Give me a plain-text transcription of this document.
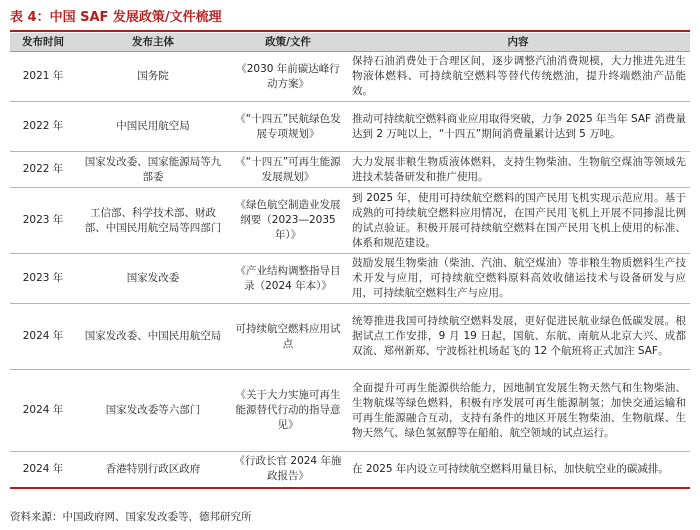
表 4：中国 SAF 发展政策/文件梳理
发布时间	发布主体	政策/文件	内容
2021 年	国务院	《2030 年前碳达峰行动方案》	保持石油消费处于合理区间，逐步调整汽油消费规模，大力推进先进生物液体燃料、可持续航空燃料等替代传统燃油，提升终端燃油产品能效。
2022 年	中国民用航空局	《“十四五”民航绿色发展专项规划》	推动可持续航空燃料商业应用取得突破，力争 2025 年当年 SAF 消费量达到 2 万吨以上，“十四五”期间消费量累计达到 5 万吨。
2022 年	国家发改委、国家能源局等九部委	《“十四五”可再生能源发展规划》	大力发展非粮生物质液体燃料，支持生物柴油、生物航空煤油等领域先进技术装备研发和推广使用。
2023 年	工信部、科学技术部、财政部、中国民用航空局等四部门	《绿色航空制造业发展纲要（2023—2035 年）》	到 2025 年，使用可持续航空燃料的国产民用飞机实现示范应用。基于成熟的可持续航空燃料应用情况，在国产民用飞机上开展不同掺混比例的试点验证。积极开展可持续航空燃料在国产民用飞机上使用的标准、体系和规范建设。
2023 年	国家发改委	《产业结构调整指导目录（2024 年本）》	鼓励发展生物柴油（柴油、汽油、航空煤油）等非粮生物质燃料生产技术开发与应用，可持续航空燃料原料高效收储运技术与设备研发与应用，可持续航空燃料生产与应用。
2024 年	国家发改委、中国民用航空局	可持续航空燃料应用试点	统筹推进我国可持续航空燃料发展，更好促进民航业绿色低碳发展。根据试点工作安排，9 月 19 日起，国航、东航、南航从北京大兴、成都双流、郑州新郑、宁波栎社机场起飞的 12 个航班将正式加注 SAF。
2024 年	国家发改委等六部门	《关于大力实施可再生能源替代行动的指导意见》	全面提升可再生能源供给能力，因地制宜发展生物天然气和生物柴油、生物航煤等绿色燃料，积极有序发展可再生能源制氢；加快交通运输和可再生能源融合互动，支持有条件的地区开展生物柴油、生物航煤、生物天然气、绿色氢氨醇等在船舶、航空领域的试点运行。
2024 年	香港特别行政区政府	《行政长官 2024 年施政报告》	在 2025 年内设立可持续航空燃料用量目标，加快航空业的碳减排。
资料来源：中国政府网、国家发改委等，德邦研究所
